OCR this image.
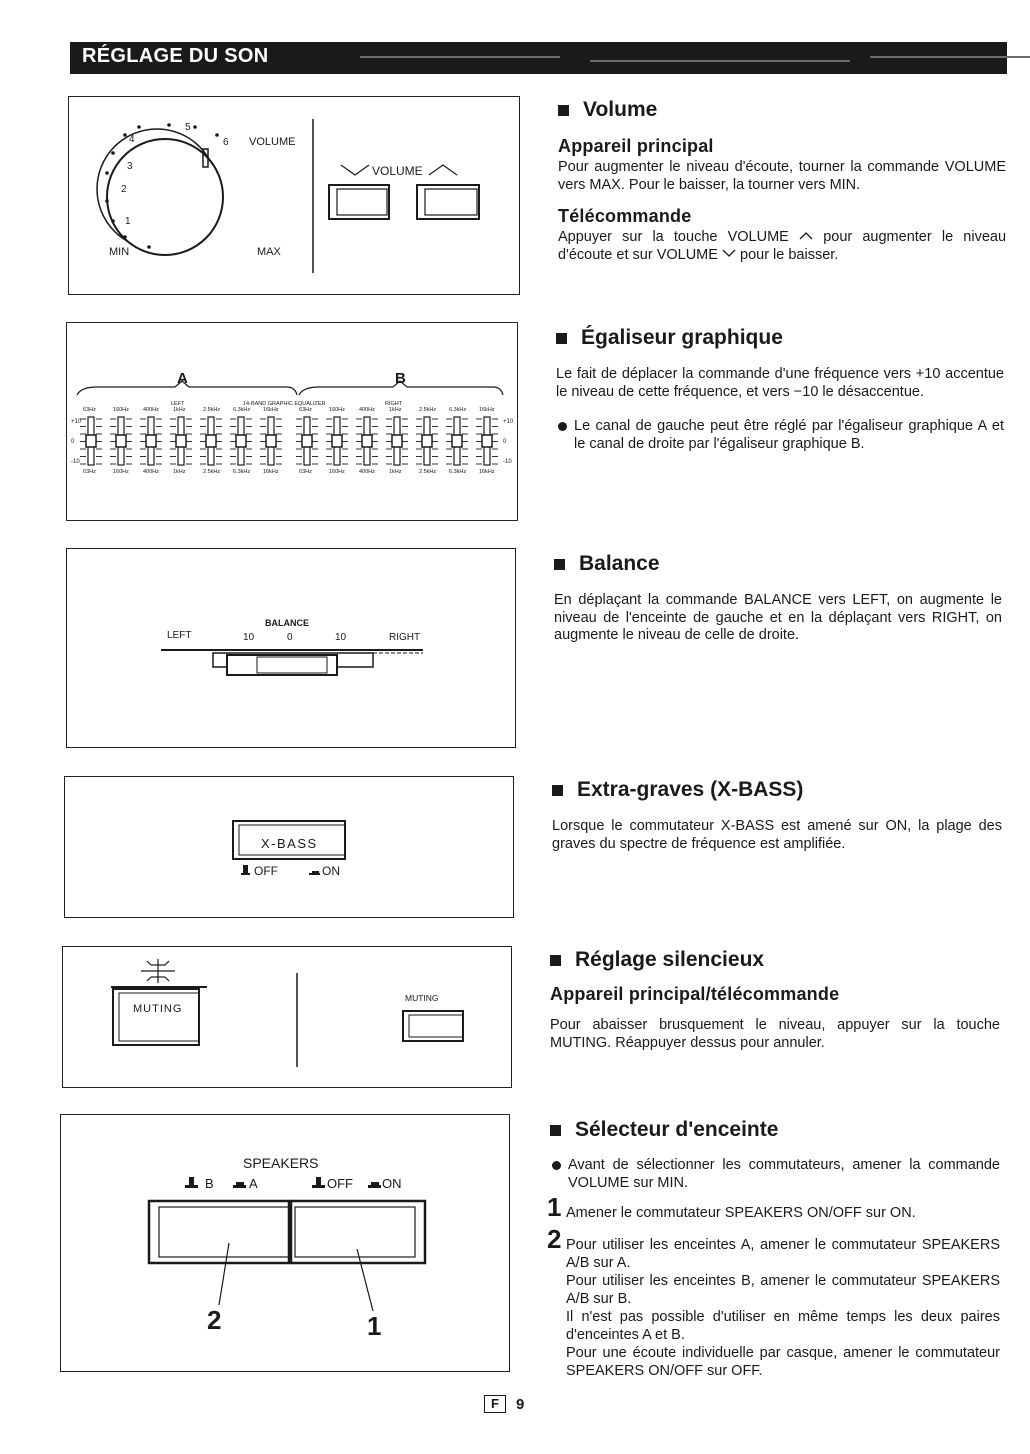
RÉGLAGE DU SON
4
3
5
6
2
1
VOLUME
MIN	MAX
VOLUME
A	B
LEFT	14-BAND GRAPHIC EQUALIZER	RIGHT
63Hz
63Hz
160Hz
160Hz
400Hz
400Hz
1kHz
1kHz
2.5kHz
2.5kHz
6.3kHz
6.3kHz
16kHz
16kHz
63Hz
63Hz
160Hz
160Hz
400Hz
400Hz
1kHz
1kHz
2.5kHz
2.5kHz
6.3kHz
6.3kHz
16kHz
16kHz
+10
0
-10
+10
0
-10
BALANCE
LEFT	10	0	10	RIGHT
X-BASS
OFF	ON
MUTING
MUTING
SPEAKERS
B	A	OFF ON
2	1
Volume
Appareil principal
Pour augmenter le niveau d'écoute, tourner la commande VOLUME vers MAX. Pour le baisser, la tourner vers MIN.
Télécommande
Appuyer sur la touche VOLUME pour augmenter le niveau d'écoute et sur VOLUME pour le baisser.
Égaliseur graphique
Le fait de déplacer la commande d'une fréquence vers +10 accentue le niveau de cette fréquence, et vers −10 le désaccentue.
Le canal de gauche peut être réglé par l'égaliseur graphique A et le canal de droite par l'égaliseur graphique B.
Balance
En déplaçant la commande BALANCE vers LEFT, on augmente le niveau de l'enceinte de gauche et en la déplaçant vers RIGHT, on augmente le niveau de celle de droite.
Extra-graves (X-BASS)
Lorsque le commutateur X-BASS est amené sur ON, la plage des graves du spectre de fréquence est amplifiée.
Réglage silencieux
Appareil principal/télécommande
Pour abaisser brusquement le niveau, appuyer sur la touche MUTING. Réappuyer dessus pour annuler.
Sélecteur d'enceinte
Avant de sélectionner les commutateurs, amener la commande VOLUME sur MIN.
1 Amener le commutateur SPEAKERS ON/OFF sur ON.
2 Pour utiliser les enceintes A, amener le commutateur SPEAKERS A/B sur A.
Pour utiliser les enceintes B, amener le commutateur SPEAKERS A/B sur B.
Il n'est pas possible d'utiliser en même temps les deux paires d'enceintes A et B.
Pour une écoute individuelle par casque, amener le commutateur SPEAKERS ON/OFF sur OFF.
F	9
